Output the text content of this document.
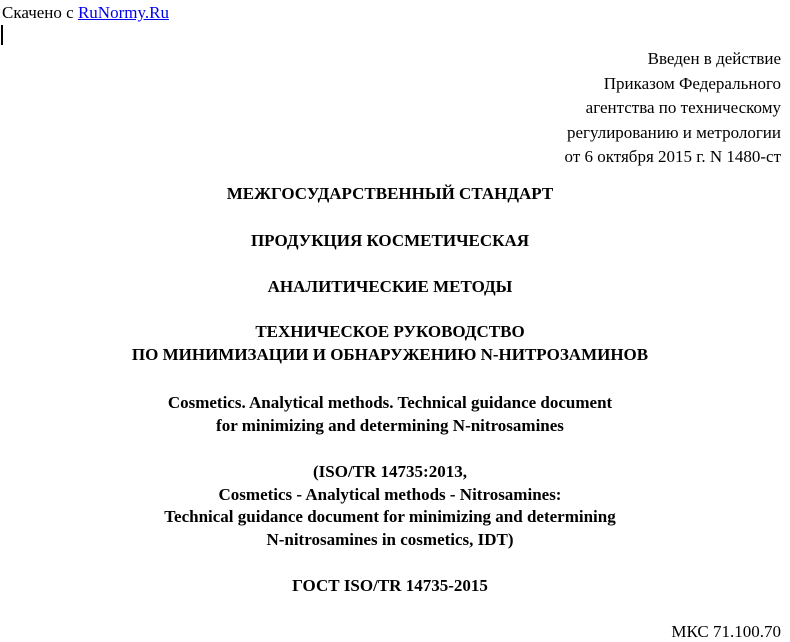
Скачено с RuNormy.Ru
Введен в действие
Приказом Федерального
агентства по техническому
регулированию и метрологии
от 6 октября 2015 г. N 1480-ст
МЕЖГОСУДАРСТВЕННЫЙ СТАНДАРТ
ПРОДУКЦИЯ КОСМЕТИЧЕСКАЯ
АНАЛИТИЧЕСКИЕ МЕТОДЫ
ТЕХНИЧЕСКОЕ РУКОВОДСТВО
ПО МИНИМИЗАЦИИ И ОБНАРУЖЕНИЮ N-НИТРОЗАМИНОВ
Cosmetics. Analytical methods. Technical guidance document
for minimizing and determining N-nitrosamines
(ISO/TR 14735:2013,
Cosmetics - Analytical methods - Nitrosamines:
Technical guidance document for minimizing and determining
N-nitrosamines in cosmetics, IDT)
ГОСТ ISO/TR 14735-2015
МКС 71.100.70
